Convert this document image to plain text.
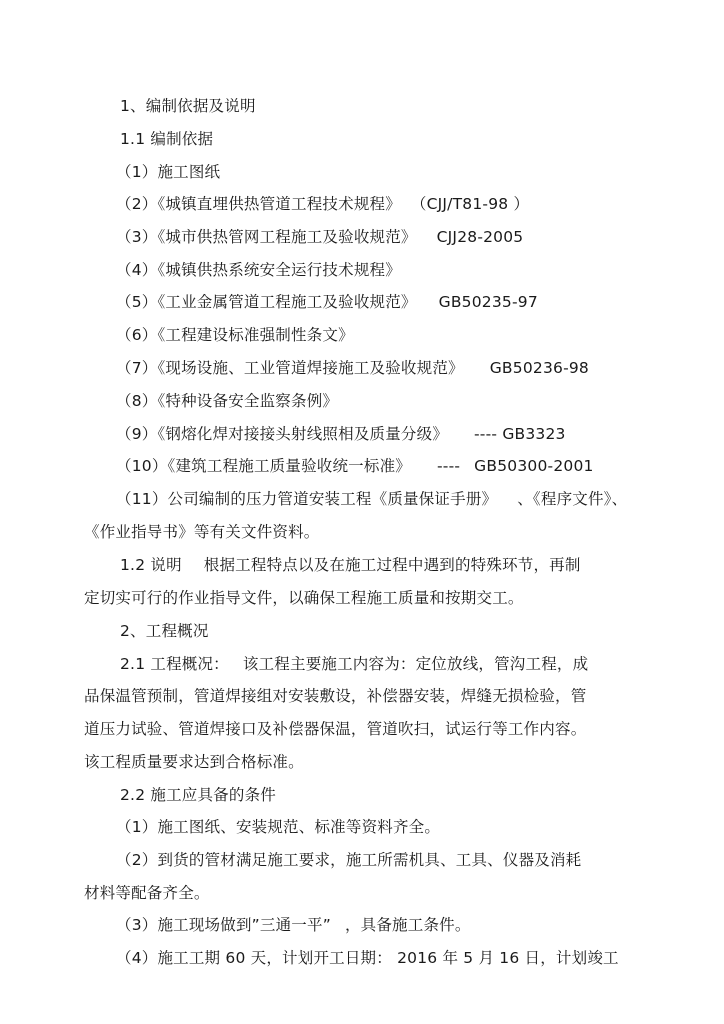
1、编制依据及说明
1.1 编制依据
（1）施工图纸
（2）《城镇直埋供热管道工程技术规程》 （CJJ/T81-98 ）
（3）《城市供热管网工程施工及验收规范》 CJJ28-2005
（4）《城镇供热系统安全运行技术规程》
（5）《工业金属管道工程施工及验收规范》 GB50235-97
（6）《工程建设标准强制性条文》
（7）《现场设施、工业管道焊接施工及验收规范》 GB50236-98
（8）《特种设备安全监察条例》
（9）《钢熔化焊对接接头射线照相及质量分级》 ---- GB3323
（10）《建筑工程施工质量验收统一标准》 ---- GB50300-2001
（11）公司编制的压力管道安装工程《质量保证手册》 、《程序文件》、
《作业指导书》等有关文件资料。
1.2 说明 根据工程特点以及在施工过程中遇到的特殊环节，再制
定切实可行的作业指导文件，以确保工程施工质量和按期交工。
2、工程概况
2.1 工程概况： 该工程主要施工内容为：定位放线，管沟工程，成
品保温管预制，管道焊接组对安装敷设，补偿器安装，焊缝无损检验，管
道压力试验、管道焊接口及补偿器保温，管道吹扫，试运行等工作内容。
该工程质量要求达到合格标准。
2.2 施工应具备的条件
（1）施工图纸、安装规范、标准等资料齐全。
（2）到货的管材满足施工要求，施工所需机具、工具、仪器及消耗
材料等配备齐全。
（3）施工现场做到”三通一平” ，具备施工条件。
（4）施工工期 60 天，计划开工日期： 2016 年 5 月 16 日，计划竣工
